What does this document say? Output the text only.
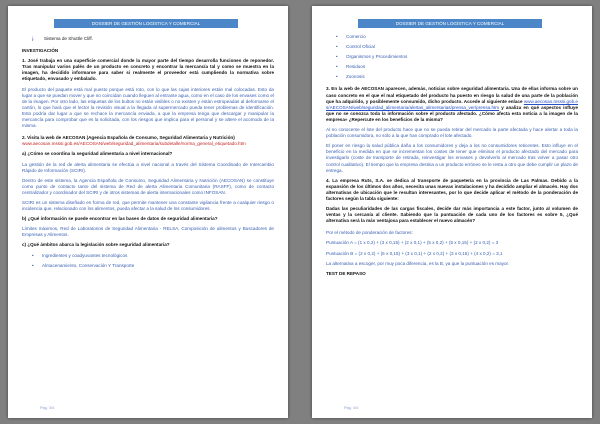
DOSSIER DE GESTIÓN LOGÍSTICA Y COMERCIAL
j. Sistema de Shuttle Cliff.

INVESTIGACIÓN

1. José trabaja en una superficie comercial donde la mayor parte del tiempo desarrolla funciones de reponedor. Tras manipular varios palés de un producto en concreto y encontrar la mercancía tal y como se muestra en la imagen, ha decidido informarse para saber si realmente el proveedor está cumpliendo la normativa sobre etiquetado, envasado y embalado.

El producto del paquete está mal puesto porque está roto, con lo que las cajas interiores están mal colocadas. Esto da lugar a que se puedan mover y que no coincidan cuando lleguen al entrante agua, como en el caso de los envases como el de la imagen. Por otro lado, las etiquetas de los bultos no están visibles o no existen y están estropeadas al deformarse el cartón, lo que hará que el lector la revisión visual a la llegada al supermercado pueda tener problemas de identificación. Esto podría dar lugar a que se rechace la mercancía enviada, a que la empresa tenga que descargar y manipular la mercancía para comprobar que es la solicitada, con los riesgos que implica para el personal y se altere el acomodo de la misma.

2. Visita la web de AECOSAN (Agencia Española de Consumo, Seguridad Alimentaria y Nutrición)

www.aecosan.msssi.gob.es/AECOSAN/web/seguridad_alimentaria/subdetalle/norma_general_etiquetado.htm

a) ¿Cómo se coordina la seguridad alimentaria a nivel internacional?

La gestión de la red de alerta alimentaria se efectúa a nivel nacional a través del Sistema Coordinado de Intercambio Rápido de Información (SCIRI).

Dentro de este sistema, la Agencia Española de Consumo, Seguridad Alimentaria y Nutrición (AECOSAN) se constituye como punto de contacto tanto del sistema de Red de alerta Alimentaria Comunitaria (RASFF), como de contacto centralizador y coordinador del SCIRI y de otros sistemas de alerta internacionales como INFOSAN.

SCIRI es un sistema diseñado en forma de red, que permite mantener una constante vigilancia frente a cualquier riesgo o incidencia que, relacionado con los alimentos, pueda afectar a la salud de los consumidores.

b) ¿Qué información se puede encontrar en las bases de datos de seguridad alimentaria?

Límites máximos, Red de Laboratorios de Seguridad Alimentaria - RELSA, Composición de alimentos y Buscadores de Empresas y Alimentos.

c) ¿Qué ámbitos abarca la legislación sobre seguridad alimentaria?

• Ingredientes y coadyuvantes tecnológicos
• Almacenamiento, Conservación Y Transporte
Pág. 3/4
DOSSIER DE GESTIÓN LOGÍSTICA Y COMERCIAL
• Comercio
• Control Oficial
• Organismos y Procedimientos
• Residuos
• Zoonosis

3. En la web de AECOSAN aparecen, además, noticias sobre seguridad alimentaria. Una de ellas informa sobre un caso concreto en el que el mal etiquetado del producto ha puesto en riesgo la salud de una parte de la población que ha adquirido, y posiblemente consumido, dicho producto. Accede al siguiente enlace www.aecosan.msssi.gob.es/AECOSAN/web/seguridad_alimentaria/alertas_alimentarias/prensa_ver/prensa.htm y analiza en qué aspectos influye que no se conozca toda la información sobre el producto afectado. ¿Cómo afecta esta noticia a la imagen de la empresa» ¿Repercute en los beneficios de la misma?

Al no conocerse el lote del producto hace que no se pueda retirar del mercado la parte afectada y hace alertar a toda la población consumidora, no sólo a la que han comprado el lote afectado.

El poner en riesgo la salud pública daña a los consumidores y deja a los no consumidores reticentes. Esto influye en el beneficio en la medida en que se incrementan los costes de tener que eliminar el producto afectado del mercado para investigarlo (coste de transporte de retirada, reinvestigar los envases y devolverlo al mercado tras volver a pasar otro control cualitativo). El tiempo que la empresa destina a un producto erróneo se le resta a otro que debe cumplir un plazo de entrega.

4. La empresa Ruts, S.A. se dedica al transporte de paquetería en la provincia de Las Palmas. Debido a la expansión de los últimos dos años, necesita unas nuevas instalaciones y ha decidido ampliar el almacén. Hay dos alternativas de ubicación que le resultan interesantes, por lo que decide aplicar el método de la ponderación de factores según la tabla siguiente:

Dadas las peculiaridades de las cargas fiscales, decide dar más importancia a este factor, junto al volumen de ventas y la cercanía al cliente. Sabiendo que la puntuación de cada uno de los factores es sobre 5, ¿Qué alternativa será la más ventajosa para establecer el nuevo almacén?

Por el método de ponderación de factores:

Puntuación A = (1 x 0,2) + (3 x 0,15) + (2 x 0,1) + (5 x 0,2) + (5 x 0,15) + (2 x 0,2) = 3

Puntuación B = (2 x 0,2) + (5 x 0,15) + (3 x 0,1) + (2 x 0,2) + (3 x 0,15) + (4 x 0,2) = 3,1

La alternativa a escoger, por muy poca diferencia, es la B, ya que la puntuación es mayor.

TEST DE REPASO

Pág. 4/4
